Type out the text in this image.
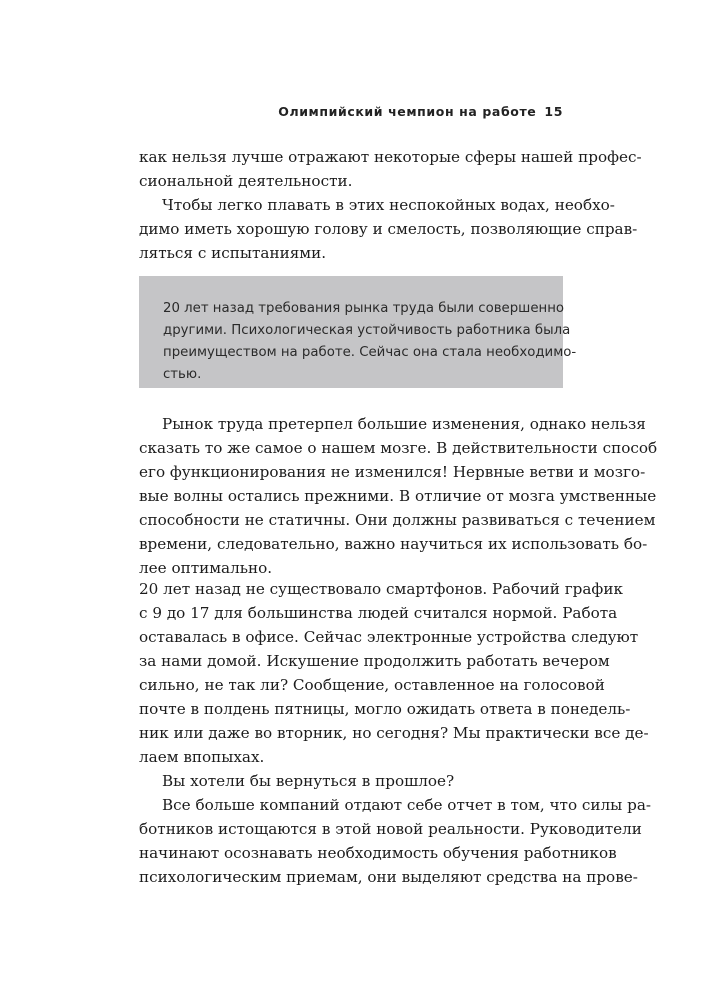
Олимпийский чемпион на работе 15
как нельзя лучше отражают некоторые сферы нашей профес-
сиональной деятельности.
Чтобы легко плавать в этих неспокойных водах, необхо-
димо иметь хорошую голову и смелость, позволяющие справ-
ляться с испытаниями.
20 лет назад требования рынка труда были совершенно
другими. Психологическая устойчивость работника была
преимуществом на работе. Сейчас она стала необходимо-
стью.
Рынок труда претерпел большие изменения, однако нельзя
сказать то же самое о нашем мозге. В действительности способ
его функционирования не изменился! Нервные ветви и мозго-
вые волны остались прежними. В отличие от мозга умственные
способности не статичны. Они должны развиваться с течением
времени, следовательно, важно научиться их использовать бо-
лее оптимально.
20 лет назад не существовало смартфонов. Рабочий график
с 9 до 17 для большинства людей считался нормой. Работа
оставалась в офисе. Сейчас электронные устройства следуют
за нами домой. Искушение продолжить работать вечером
сильно, не так ли? Сообщение, оставленное на голосовой
почте в полдень пятницы, могло ожидать ответа в понедель-
ник или даже во вторник, но сегодня? Мы практически все де-
лаем впопыхах.
Вы хотели бы вернуться в прошлое?
Все больше компаний отдают себе отчет в том, что силы ра-
ботников истощаются в этой новой реальности. Руководители
начинают осознавать необходимость обучения работников
психологическим приемам, они выделяют средства на прове-
